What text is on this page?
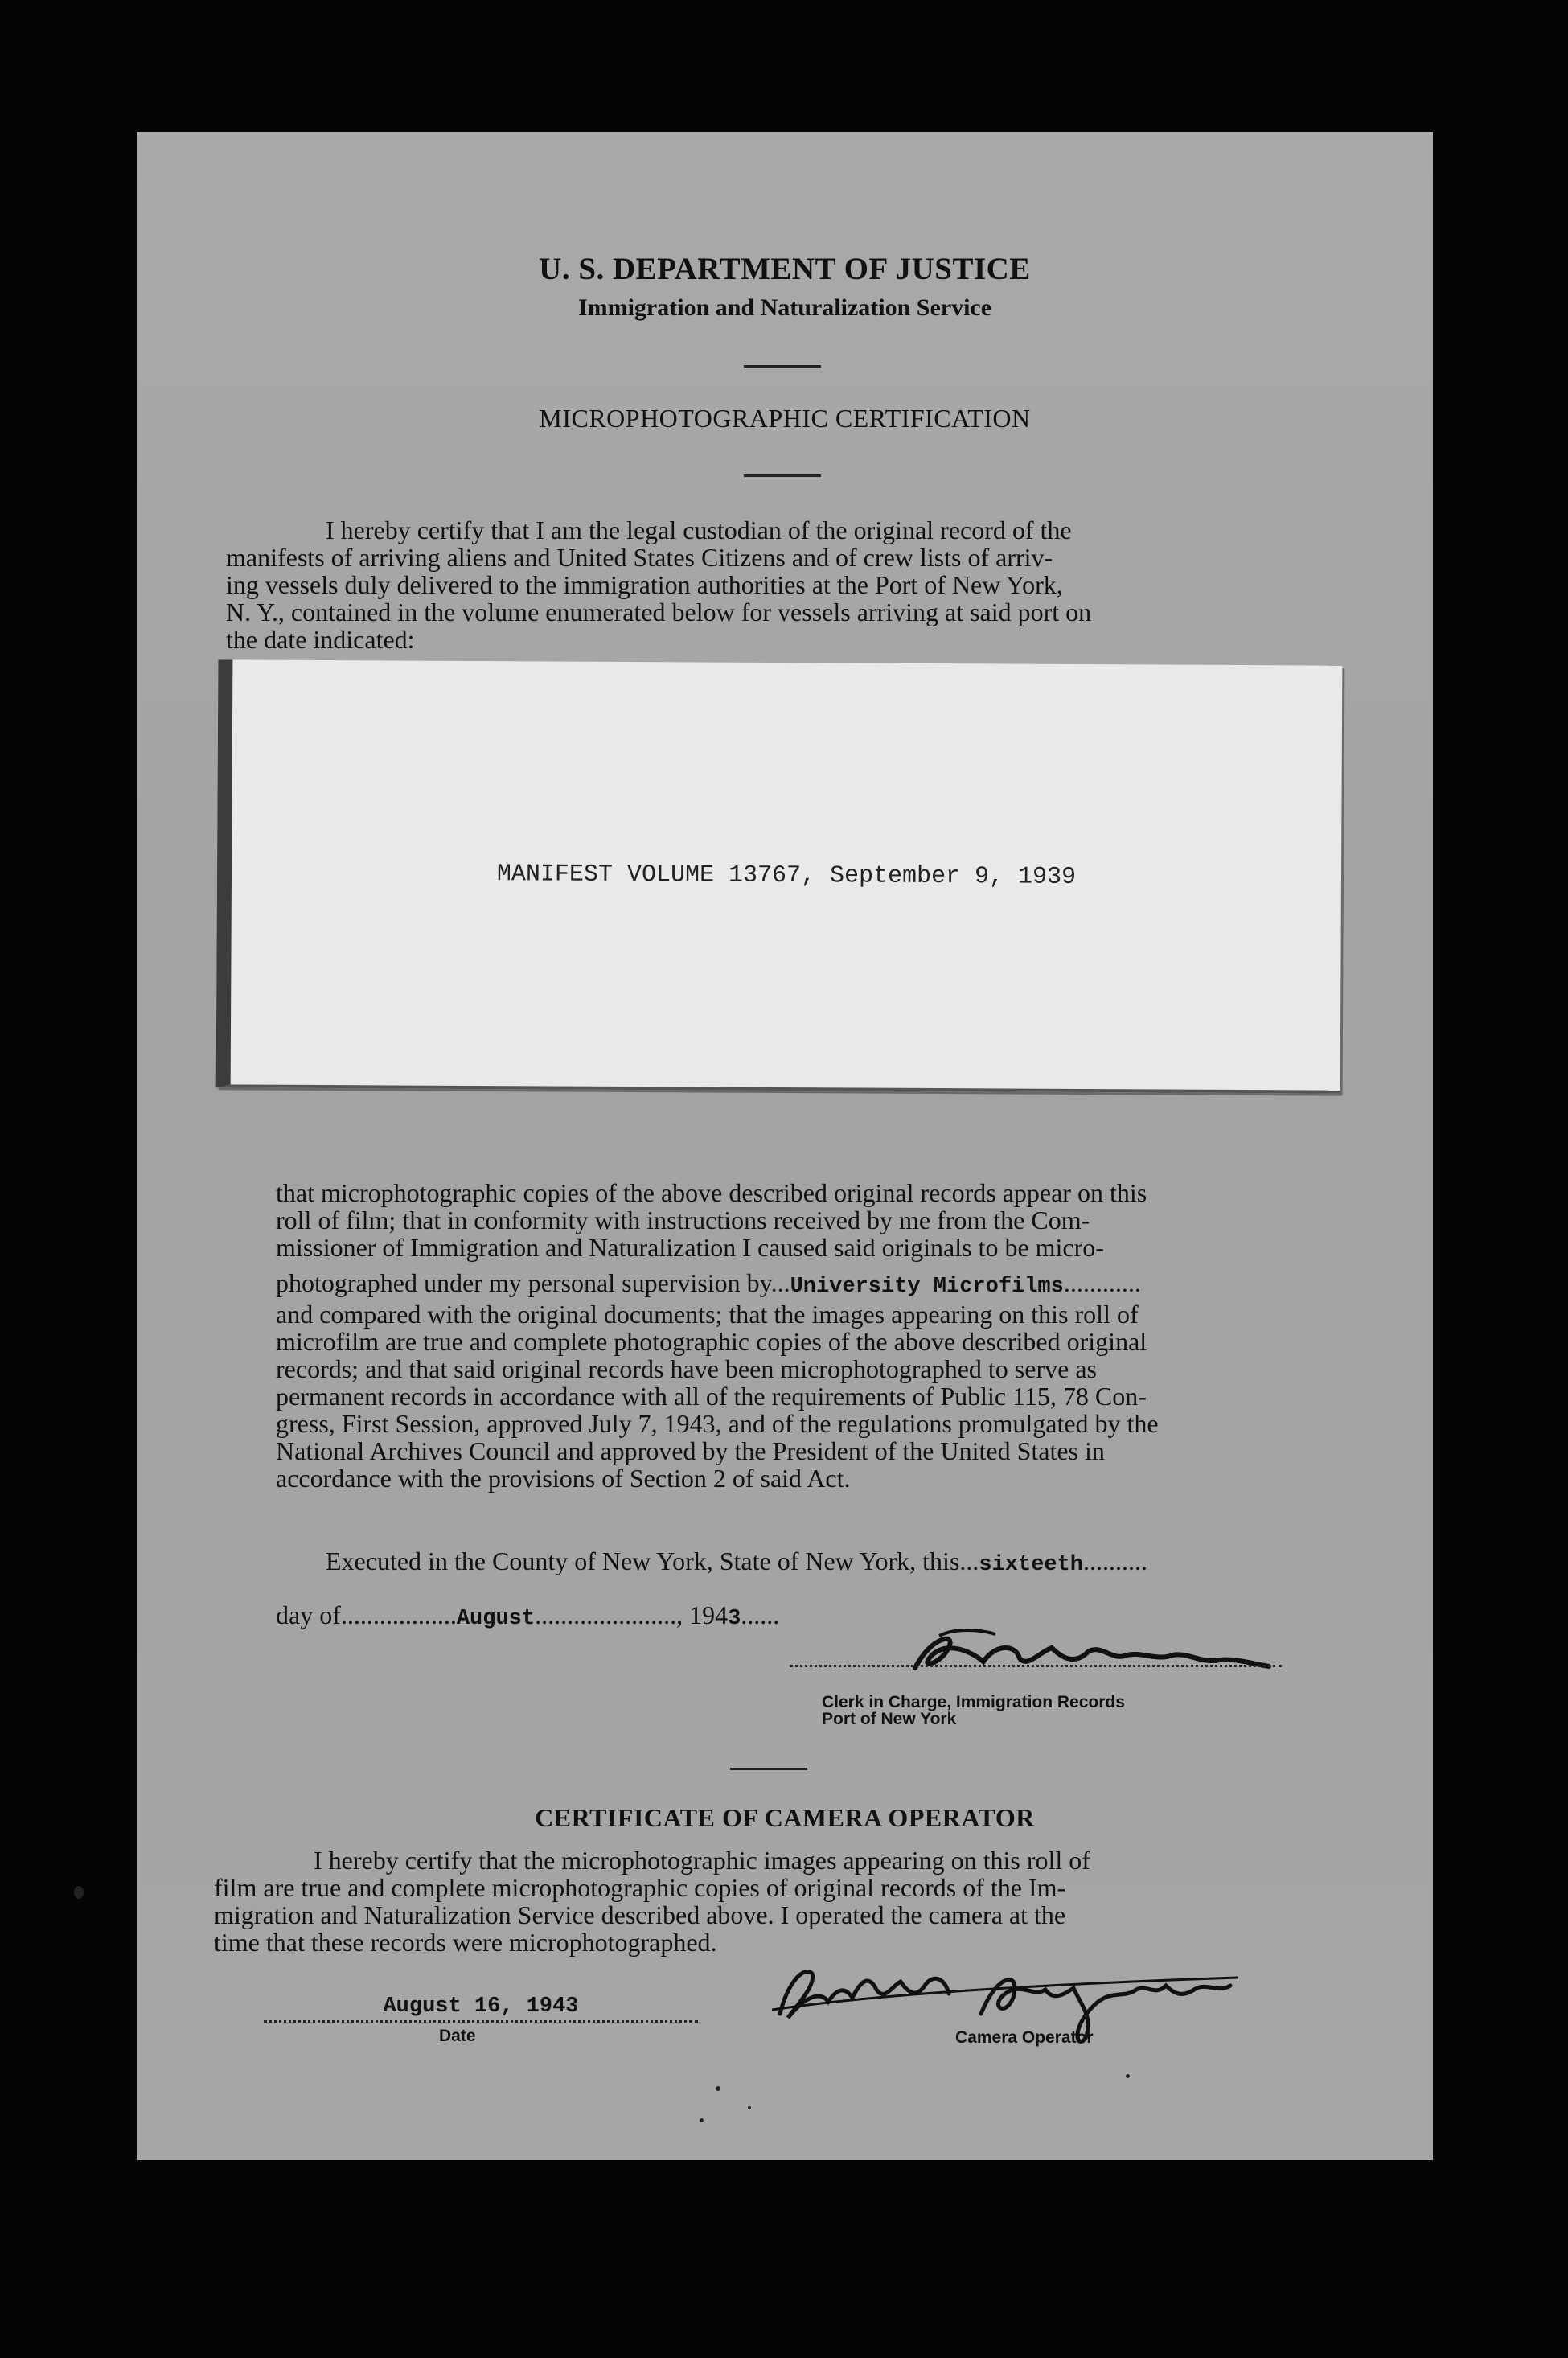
U. S. DEPARTMENT OF JUSTICE
Immigration and Naturalization Service
MICROPHOTOGRAPHIC CERTIFICATION
I hereby certify that I am the legal custodian of the original record of the
manifests of arriving aliens and United States Citizens and of crew lists of arriv-
ing vessels duly delivered to the immigration authorities at the Port of New York,
N. Y., contained in the volume enumerated below for vessels arriving at said port on
the date indicated:
MANIFEST VOLUME 13767, September 9, 1939
that microphotographic copies of the above described original records appear on this
roll of film; that in conformity with instructions received by me from the Com-
missioner of Immigration and Naturalization I caused said originals to be micro-
photographed under my personal supervision by...University Microfilms............
and compared with the original documents; that the images appearing on this roll of
microfilm are true and complete photographic copies of the above described original
records; and that said original records have been microphotographed to serve as
permanent records in accordance with all of the requirements of Public 115, 78 Con-
gress, First Session, approved July 7, 1943, and of the regulations promulgated by the
National Archives Council and approved by the President of the United States in
accordance with the provisions of Section 2 of said Act.
Executed in the County of New York, State of New York, this...sixteeth..........
day of..................August......................, 1943......
Clerk in Charge, Immigration Records
Port of New York
CERTIFICATE OF CAMERA OPERATOR
I hereby certify that the microphotographic images appearing on this roll of
film are true and complete microphotographic copies of original records of the Im-
migration and Naturalization Service described above. I operated the camera at the
time that these records were microphotographed.
August 16, 1943
Date	Camera Operator
